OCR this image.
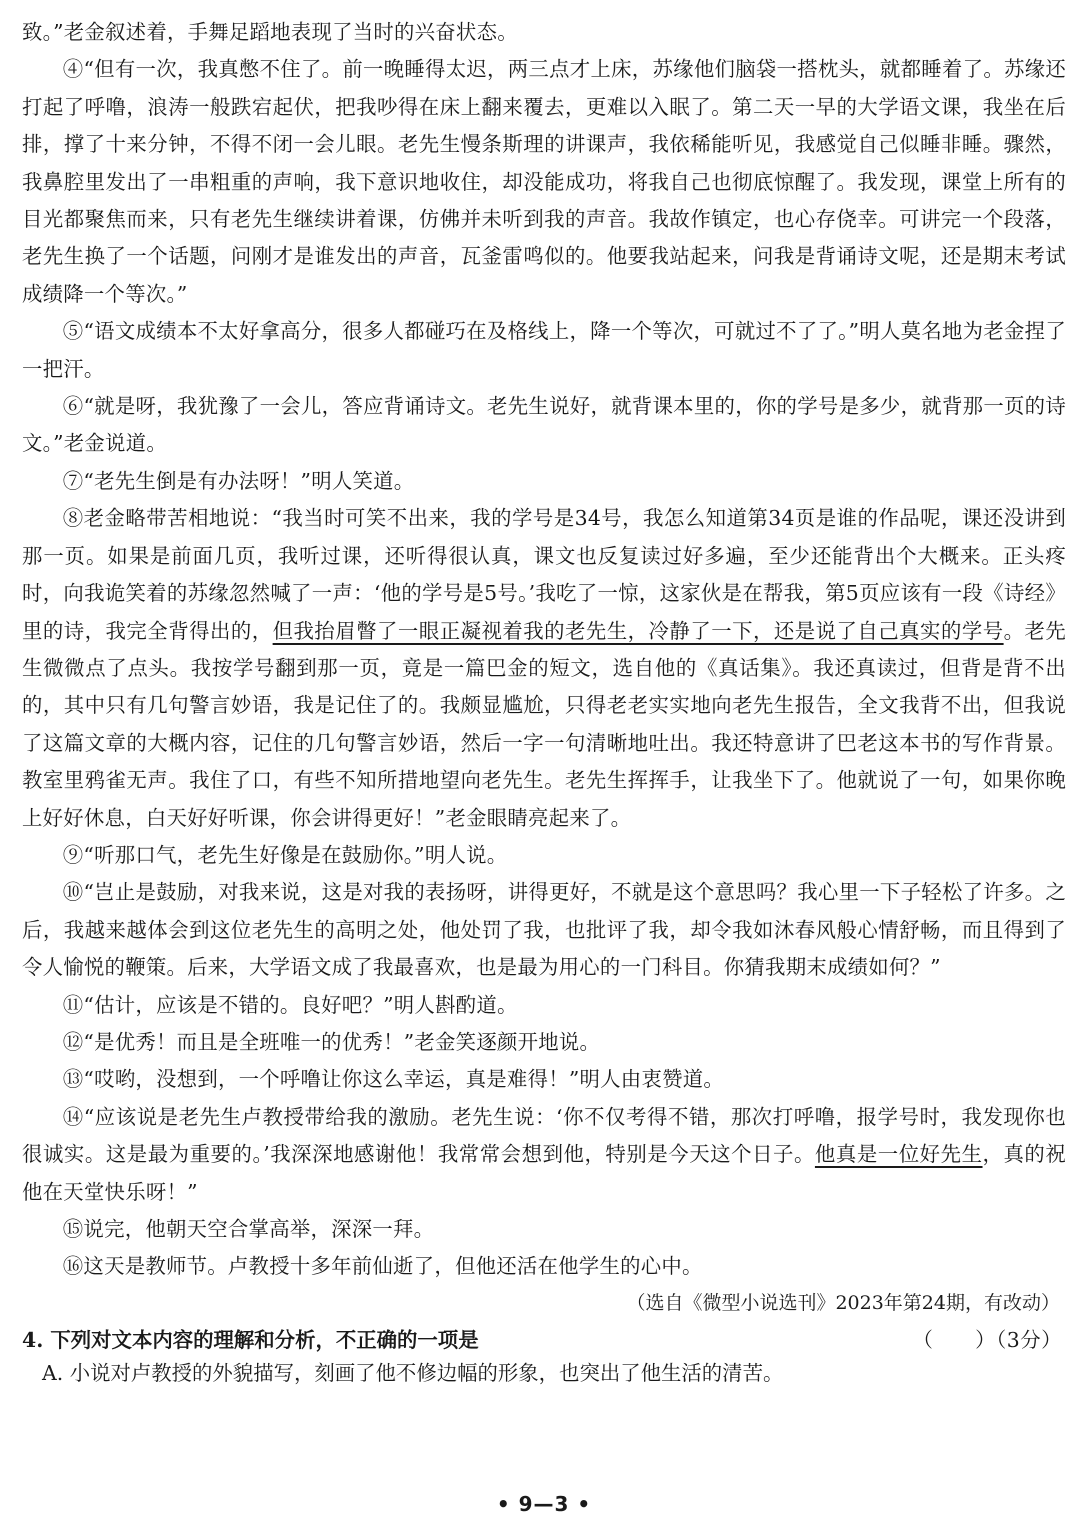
致。”老金叙述着，手舞足蹈地表现了当时的兴奋状态。

④“但有一次，我真憋不住了。前一晚睡得太迟，两三点才上床，苏缘他们脑袋一搭枕头，就都睡着了。苏缘还打起了呼噜，浪涛一般跌宕起伏，把我吵得在床上翻来覆去，更难以入眠了。第二天一早的大学语文课，我坐在后排，撑了十来分钟，不得不闭一会儿眼。老先生慢条斯理的讲课声，我依稀能听见，我感觉自己似睡非睡。骤然，我鼻腔里发出了一串粗重的声响，我下意识地收住，却没能成功，将我自己也彻底惊醒了。我发现，课堂上所有的目光都聚焦而来，只有老先生继续讲着课，仿佛并未听到我的声音。我故作镇定，也心存侥幸。可讲完一个段落，老先生换了一个话题，问刚才是谁发出的声音，瓦釜雷鸣似的。他要我站起来，问我是背诵诗文呢，还是期末考试成绩降一个等次。”

⑤“语文成绩本不太好拿高分，很多人都碰巧在及格线上，降一个等次，可就过不了了。”明人莫名地为老金捏了一把汗。

⑥“就是呀，我犹豫了一会儿，答应背诵诗文。老先生说好，就背课本里的，你的学号是多少，就背那一页的诗文。”老金说道。

⑦“老先生倒是有办法呀！”明人笑道。

⑧老金略带苦相地说：“我当时可笑不出来，我的学号是34号，我怎么知道第34页是谁的作品呢，课还没讲到那一页。如果是前面几页，我听过课，还听得很认真，课文也反复读过好多遍，至少还能背出个大概来。正头疼时，向我诡笑着的苏缘忽然喊了一声：‘他的学号是5号。’我吃了一惊，这家伙是在帮我，第5页应该有一段《诗经》里的诗，我完全背得出的，但我抬眉瞥了一眼正凝视着我的老先生，冷静了一下，还是说了自己真实的学号。老先生微微点了点头。我按学号翻到那一页，竟是一篇巴金的短文，选自他的《真话集》。我还真读过，但背是背不出的，其中只有几句警言妙语，我是记住了的。我颇显尴尬，只得老老实实地向老先生报告，全文我背不出，但我说了这篇文章的大概内容，记住的几句警言妙语，然后一字一句清晰地吐出。我还特意讲了巴老这本书的写作背景。教室里鸦雀无声。我住了口，有些不知所措地望向老先生。老先生挥挥手，让我坐下了。他就说了一句，如果你晚上好好休息，白天好好听课，你会讲得更好！”老金眼睛亮起来了。

⑨“听那口气，老先生好像是在鼓励你。”明人说。

⑩“岂止是鼓励，对我来说，这是对我的表扬呀，讲得更好，不就是这个意思吗？我心里一下子轻松了许多。之后，我越来越体会到这位老先生的高明之处，他处罚了我，也批评了我，却令我如沐春风般心情舒畅，而且得到了令人愉悦的鞭策。后来，大学语文成了我最喜欢，也是最为用心的一门科目。你猜我期末成绩如何？”

⑪“估计，应该是不错的。良好吧？”明人斟酌道。

⑫“是优秀！而且是全班唯一的优秀！”老金笑逐颜开地说。

⑬“哎哟，没想到，一个呼噜让你这么幸运，真是难得！”明人由衷赞道。

⑭“应该说是老先生卢教授带给我的激励。老先生说：‘你不仅考得不错，那次打呼噜，报学号时，我发现你也很诚实。这是最为重要的。’我深深地感谢他！我常常会想到他，特别是今天这个日子。他真是一位好先生，真的祝他在天堂快乐呀！”

⑮说完，他朝天空合掌高举，深深一拜。

⑯这天是教师节。卢教授十多年前仙逝了，但他还活在他学生的心中。

（选自《微型小说选刊》2023年第24期，有改动）

4. 下列对文本内容的理解和分析，不正确的一项是	（　　）（3分）

A. 小说对卢教授的外貌描写，刻画了他不修边幅的形象，也突出了他生活的清苦。

• 9—3 •
